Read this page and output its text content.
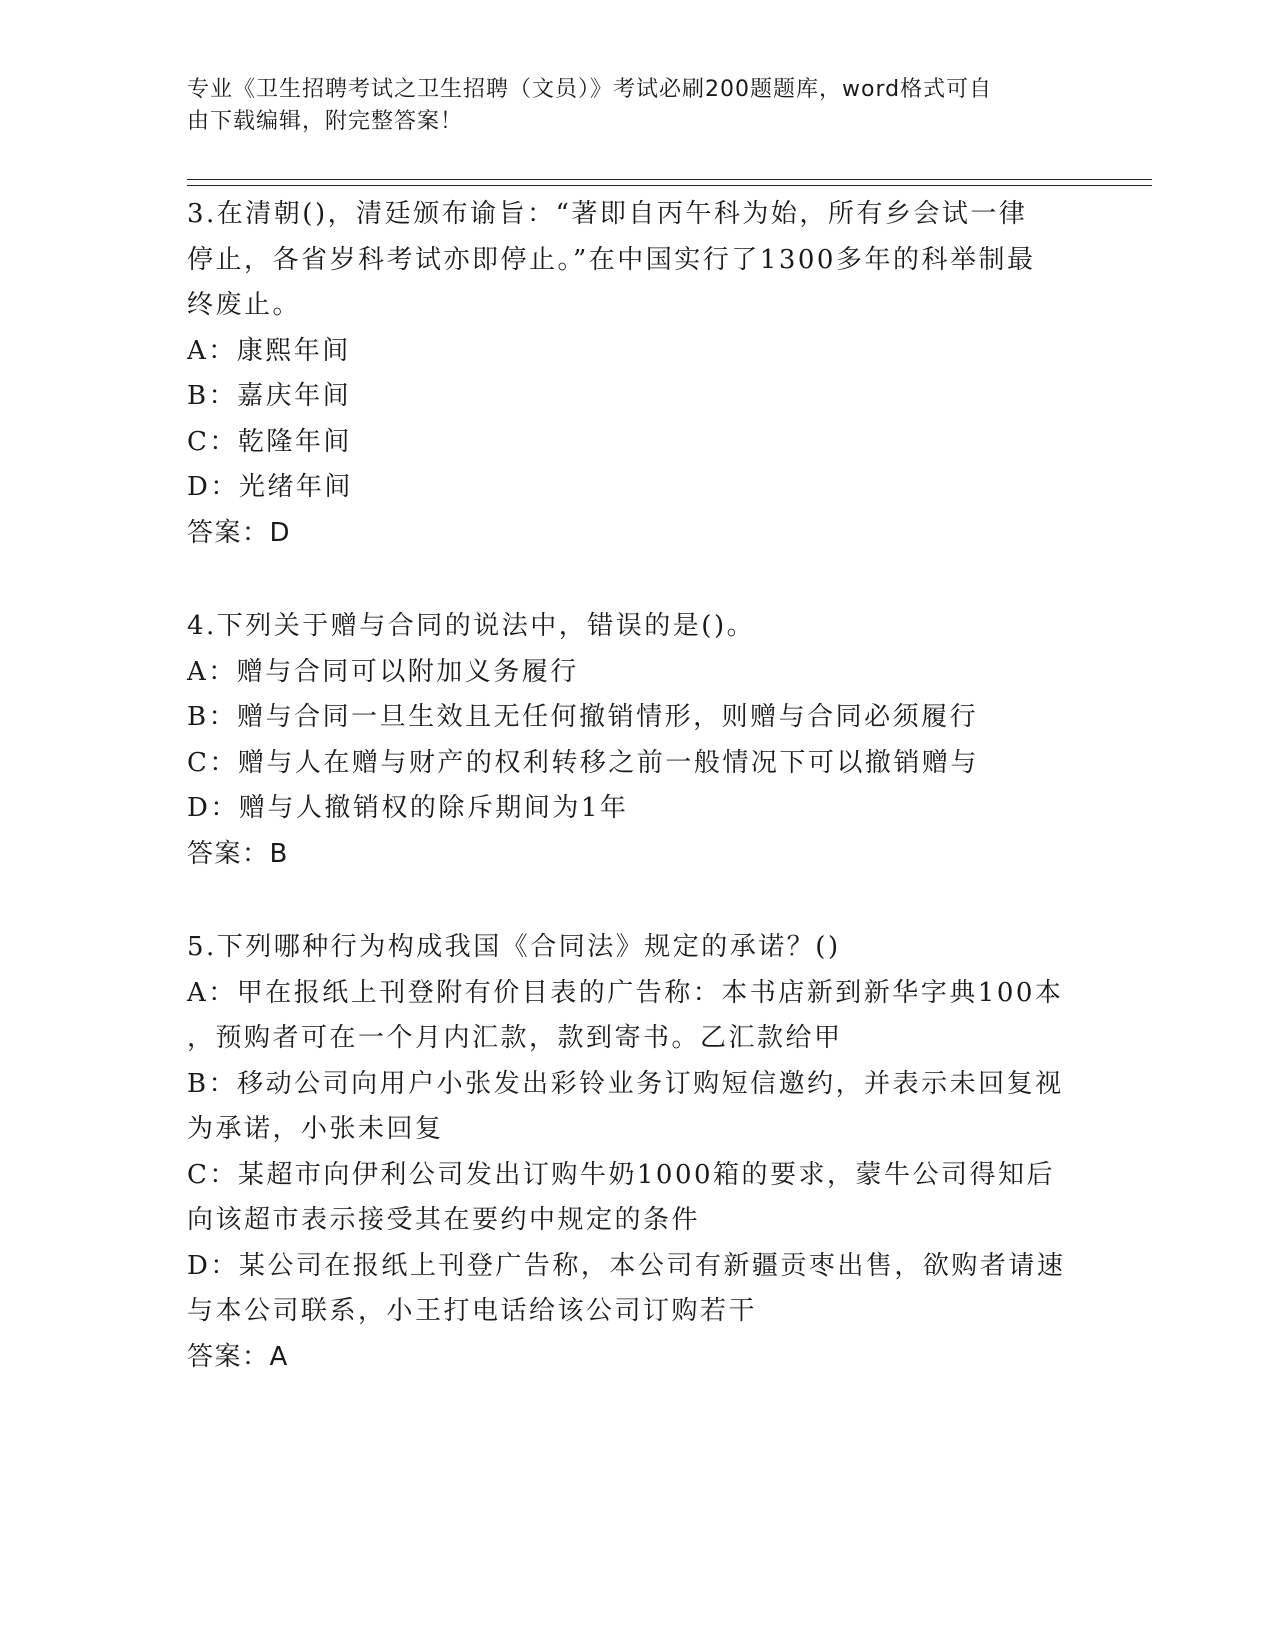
专业《卫生招聘考试之卫生招聘（文员）》考试必刷200题题库，word格式可自
由下载编辑，附完整答案！
3.在清朝()，清廷颁布谕旨：“著即自丙午科为始，所有乡会试一律
停止，各省岁科考试亦即停止。”在中国实行了1300多年的科举制最
终废止。
A：康熙年间
B：嘉庆年间
C：乾隆年间
D：光绪年间
答案：D
4.下列关于赠与合同的说法中，错误的是()。
A：赠与合同可以附加义务履行
B：赠与合同一旦生效且无任何撤销情形，则赠与合同必须履行
C：赠与人在赠与财产的权利转移之前一般情况下可以撤销赠与
D：赠与人撤销权的除斥期间为1年
答案：B
5.下列哪种行为构成我国《合同法》规定的承诺？()
A：甲在报纸上刊登附有价目表的广告称：本书店新到新华字典100本
，预购者可在一个月内汇款，款到寄书。乙汇款给甲
B：移动公司向用户小张发出彩铃业务订购短信邀约，并表示未回复视
为承诺，小张未回复
C：某超市向伊利公司发出订购牛奶1000箱的要求，蒙牛公司得知后
向该超市表示接受其在要约中规定的条件
D：某公司在报纸上刊登广告称，本公司有新疆贡枣出售，欲购者请速
与本公司联系，小王打电话给该公司订购若干
答案：A
